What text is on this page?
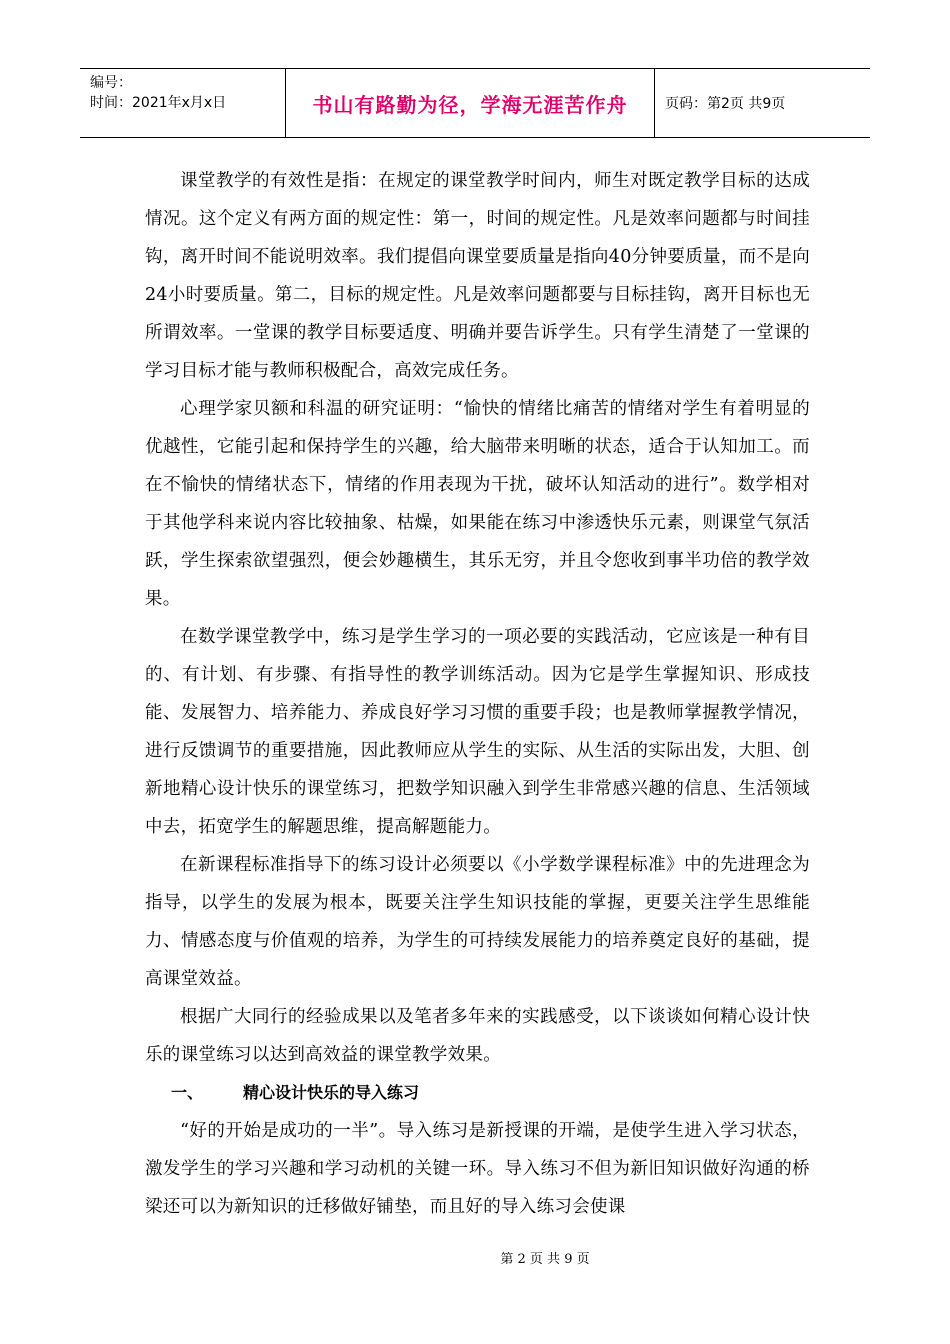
编号：
时间：2021年x月x日	书山有路勤为径，学海无涯苦作舟	页码：第2页 共9页

课堂教学的有效性是指：在规定的课堂教学时间内，师生对既定教学目标的达成情况。这个定义有两方面的规定性：第一，时间的规定性。凡是效率问题都与时间挂钩，离开时间不能说明效率。我们提倡向课堂要质量是指向40分钟要质量，而不是向24小时要质量。第二，目标的规定性。凡是效率问题都要与目标挂钩，离开目标也无所谓效率。一堂课的教学目标要适度、明确并要告诉学生。只有学生清楚了一堂课的学习目标才能与教师积极配合，高效完成任务。

心理学家贝额和科温的研究证明：“愉快的情绪比痛苦的情绪对学生有着明显的优越性，它能引起和保持学生的兴趣，给大脑带来明晰的状态，适合于认知加工。而在不愉快的情绪状态下，情绪的作用表现为干扰，破坏认知活动的进行”。数学相对于其他学科来说内容比较抽象、枯燥，如果能在练习中渗透快乐元素，则课堂气氛活跃，学生探索欲望强烈，便会妙趣横生，其乐无穷，并且令您收到事半功倍的教学效果。

在数学课堂教学中，练习是学生学习的一项必要的实践活动，它应该是一种有目的、有计划、有步骤、有指导性的教学训练活动。因为它是学生掌握知识、形成技能、发展智力、培养能力、养成良好学习习惯的重要手段；也是教师掌握教学情况，进行反馈调节的重要措施，因此教师应从学生的实际、从生活的实际出发，大胆、创新地精心设计快乐的课堂练习，把数学知识融入到学生非常感兴趣的信息、生活领域中去，拓宽学生的解题思维，提高解题能力。

在新课程标准指导下的练习设计必须要以《小学数学课程标准》中的先进理念为指导，以学生的发展为根本，既要关注学生知识技能的掌握，更要关注学生思维能力、情感态度与价值观的培养，为学生的可持续发展能力的培养奠定良好的基础，提高课堂效益。

根据广大同行的经验成果以及笔者多年来的实践感受，以下谈谈如何精心设计快乐的课堂练习以达到高效益的课堂教学效果。

一、	精心设计快乐的导入练习

“好的开始是成功的一半”。导入练习是新授课的开端，是使学生进入学习状态，激发学生的学习兴趣和学习动机的关键一环。导入练习不但为新旧知识做好沟通的桥梁还可以为新知识的迁移做好铺垫，而且好的导入练习会使课

第 2 页 共 9 页
